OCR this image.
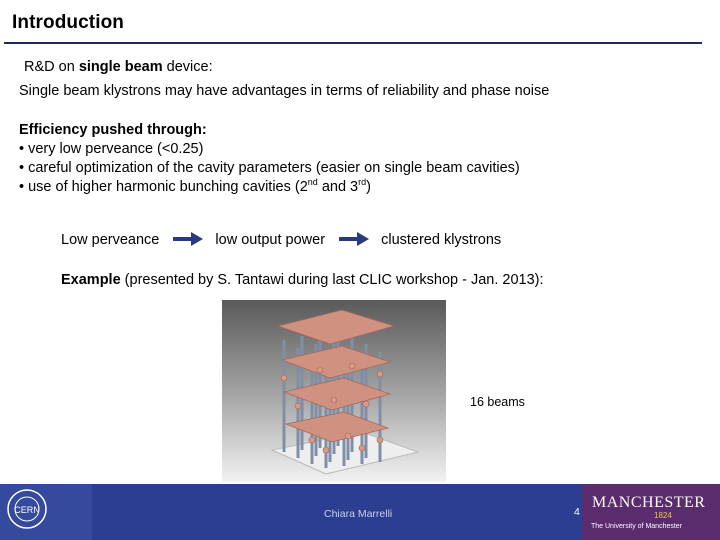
Introduction
R&D on single beam device:
Single beam klystrons may have advantages in terms of reliability and phase noise
Efficiency pushed through:
• very low perveance (<0.25)
• careful optimization of the cavity parameters (easier on single beam cavities)
• use of higher harmonic bunching cavities (2nd and 3rd)
Low perveance	low output power	clustered klystrons
Example (presented by S. Tantawi during last CLIC workshop - Jan. 2013):
16 beams
CERN	Chiara Marrelli	4
MANCHESTER
1824
The University of Manchester
